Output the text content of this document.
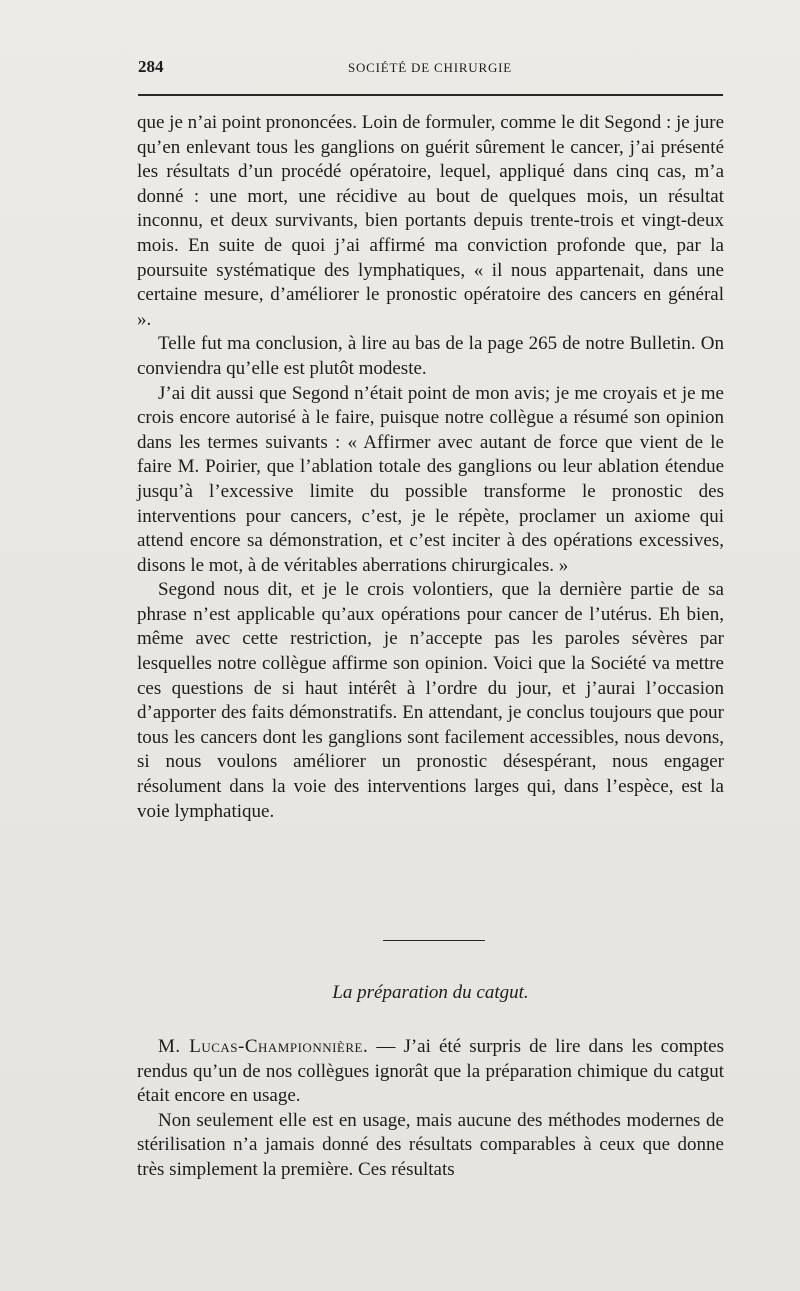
284	SOCIÉTÉ DE CHIRURGIE

que je n’ai point prononcées. Loin de formuler, comme le dit Segond : je jure qu’en enlevant tous les ganglions on guérit sûrement le cancer, j’ai présenté les résultats d’un procédé opératoire, lequel, appliqué dans cinq cas, m’a donné : une mort, une récidive au bout de quelques mois, un résultat inconnu, et deux survivants, bien portants depuis trente-trois et vingt-deux mois. En suite de quoi j’ai affirmé ma conviction profonde que, par la poursuite systématique des lymphatiques, « il nous appartenait, dans une certaine mesure, d’améliorer le pronostic opératoire des cancers en général ».

Telle fut ma conclusion, à lire au bas de la page 265 de notre Bulletin. On conviendra qu’elle est plutôt modeste.

J’ai dit aussi que Segond n’était point de mon avis; je me croyais et je me crois encore autorisé à le faire, puisque notre collègue a résumé son opinion dans les termes suivants : « Affirmer avec autant de force que vient de le faire M. Poirier, que l’ablation totale des ganglions ou leur ablation étendue jusqu’à l’excessive limite du possible transforme le pronostic des interventions pour cancers, c’est, je le répète, proclamer un axiome qui attend encore sa démonstration, et c’est inciter à des opérations excessives, disons le mot, à de véritables aberrations chirurgicales. »

Segond nous dit, et je le crois volontiers, que la dernière partie de sa phrase n’est applicable qu’aux opérations pour cancer de l’utérus. Eh bien, même avec cette restriction, je n’accepte pas les paroles sévères par lesquelles notre collègue affirme son opinion. Voici que la Société va mettre ces questions de si haut intérêt à l’ordre du jour, et j’aurai l’occasion d’apporter des faits démonstratifs. En attendant, je conclus toujours que pour tous les cancers dont les ganglions sont facilement accessibles, nous devons, si nous voulons améliorer un pronostic désespérant, nous engager résolument dans la voie des interventions larges qui, dans l’espèce, est la voie lymphatique.

La préparation du catgut.

M. Lucas-Championnière. — J’ai été surpris de lire dans les comptes rendus qu’un de nos collègues ignorât que la préparation chimique du catgut était encore en usage.

Non seulement elle est en usage, mais aucune des méthodes modernes de stérilisation n’a jamais donné des résultats comparables à ceux que donne très simplement la première. Ces résultats
